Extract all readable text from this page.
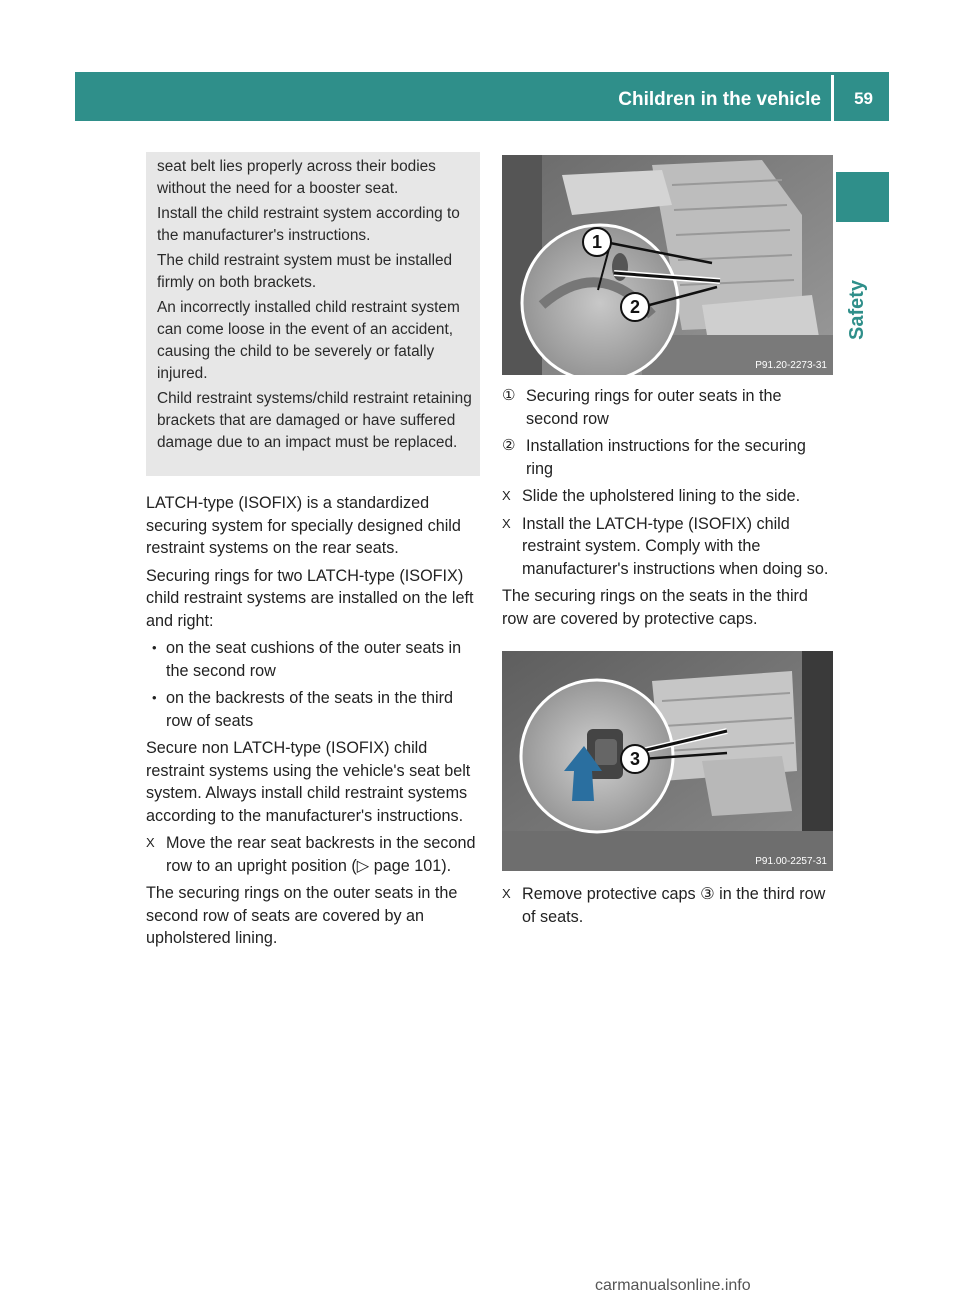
Children in the vehicle 59
Safety

seat belt lies properly across their bodies without the need for a booster seat.

Install the child restraint system according to the manufacturer's instructions.

The child restraint system must be installed firmly on both brackets.

An incorrectly installed child restraint system can come loose in the event of an accident, causing the child to be severely or fatally injured.

Child restraint systems/child restraint retaining brackets that are damaged or have suffered damage due to an impact must be replaced.

LATCH-type (ISOFIX) is a standardized securing system for specially designed child restraint systems on the rear seats.

Securing rings for two LATCH-type (ISOFIX) child restraint systems are installed on the left and right:

• on the seat cushions of the outer seats in the second row
• on the backrests of the seats in the third row of seats

Secure non LATCH-type (ISOFIX) child restraint systems using the vehicle's seat belt system. Always install child restraint systems according to the manufacturer's instructions.

X Move the rear seat backrests in the second row to an upright position (▷ page 101).

The securing rings on the outer seats in the second row of seats are covered by an upholstered lining.

1
2
P91.20-2273-31
① Securing rings for outer seats in the second row
② Installation instructions for the securing ring
X Slide the upholstered lining to the side.
X Install the LATCH-type (ISOFIX) child restraint system. Comply with the manufacturer's instructions when doing so.

The securing rings on the seats in the third row are covered by protective caps.

3
P91.00-2257-31
X Remove protective caps ③ in the third row of seats.
carmanualsonline.info
